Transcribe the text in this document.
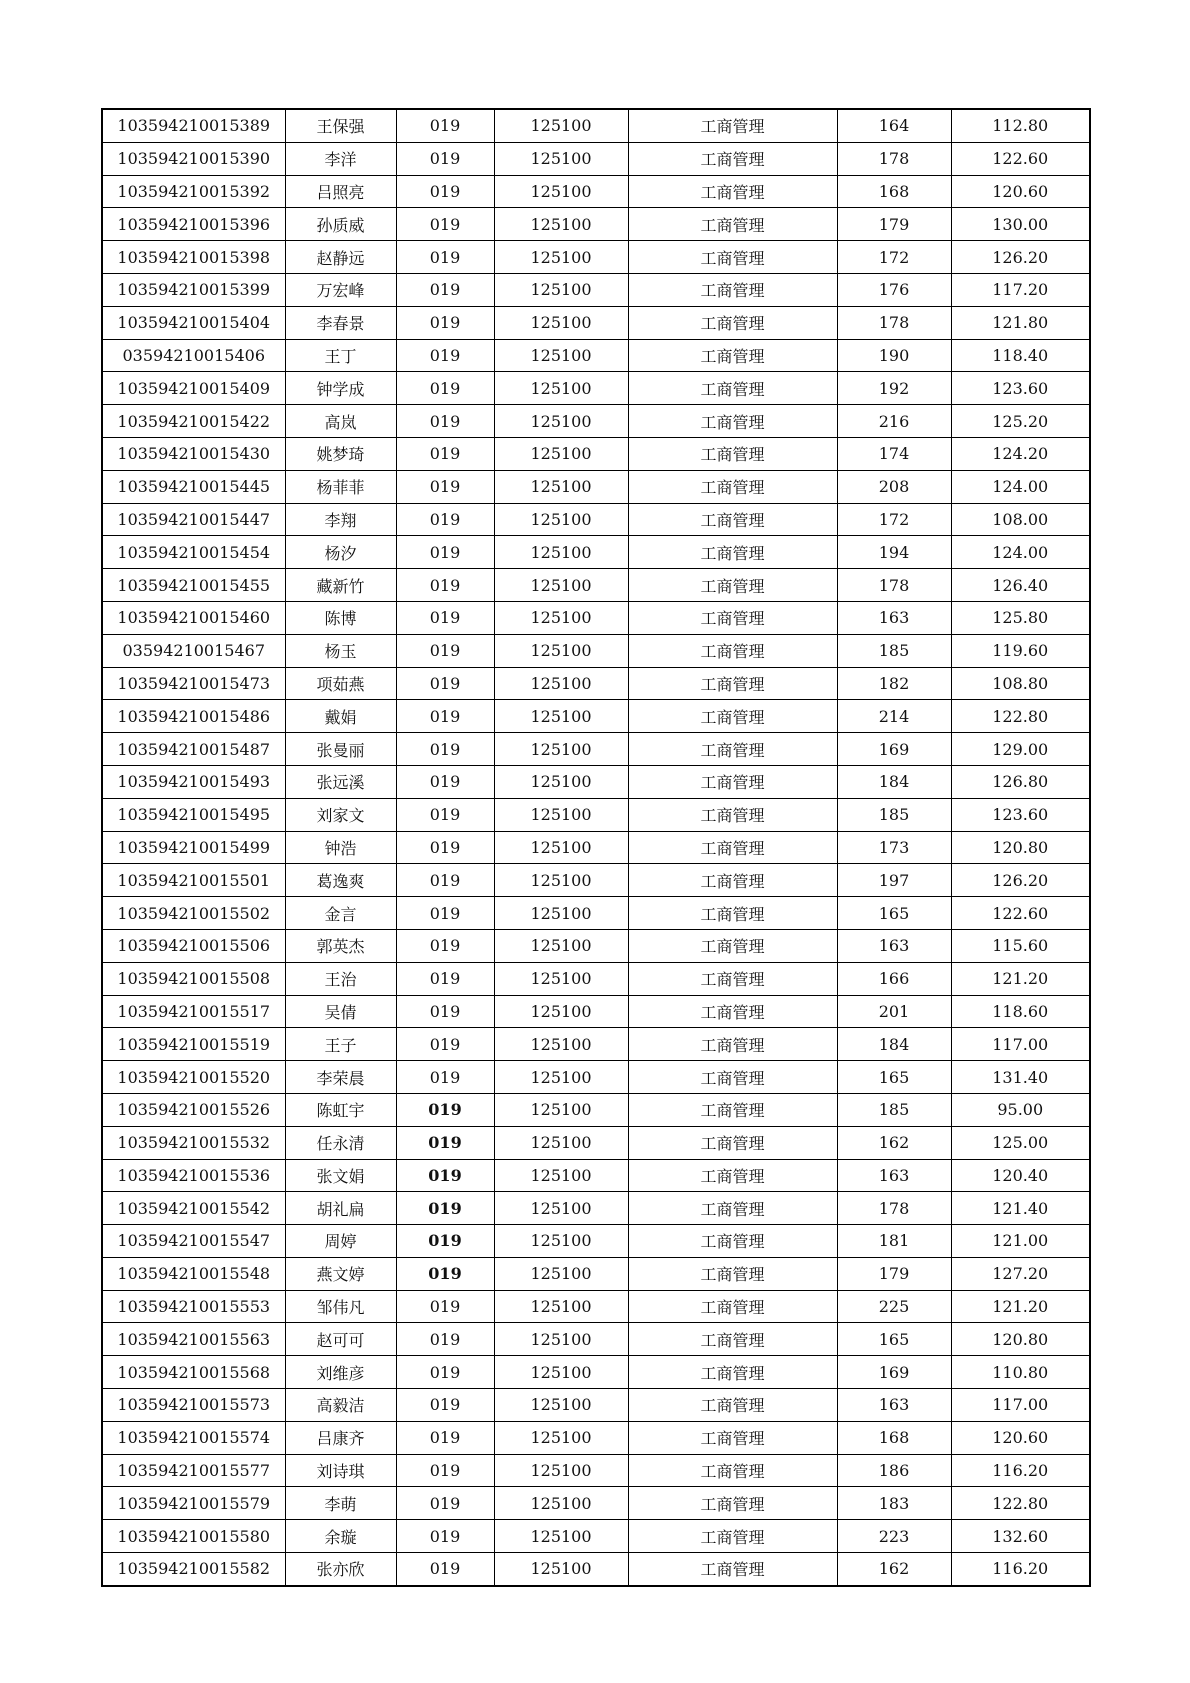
103594210015389	王保强	019	125100	工商管理	164	112.80
103594210015390	李洋	019	125100	工商管理	178	122.60
103594210015392	吕照亮	019	125100	工商管理	168	120.60
103594210015396	孙质威	019	125100	工商管理	179	130.00
103594210015398	赵静远	019	125100	工商管理	172	126.20
103594210015399	万宏峰	019	125100	工商管理	176	117.20
103594210015404	李春景	019	125100	工商管理	178	121.80
03594210015406	王丁	019	125100	工商管理	190	118.40
103594210015409	钟学成	019	125100	工商管理	192	123.60
103594210015422	高岚	019	125100	工商管理	216	125.20
103594210015430	姚梦琦	019	125100	工商管理	174	124.20
103594210015445	杨菲菲	019	125100	工商管理	208	124.00
103594210015447	李翔	019	125100	工商管理	172	108.00
103594210015454	杨汐	019	125100	工商管理	194	124.00
103594210015455	藏新竹	019	125100	工商管理	178	126.40
103594210015460	陈博	019	125100	工商管理	163	125.80
03594210015467	杨玉	019	125100	工商管理	185	119.60
103594210015473	项茹燕	019	125100	工商管理	182	108.80
103594210015486	戴娟	019	125100	工商管理	214	122.80
103594210015487	张曼丽	019	125100	工商管理	169	129.00
103594210015493	张远溪	019	125100	工商管理	184	126.80
103594210015495	刘家文	019	125100	工商管理	185	123.60
103594210015499	钟浩	019	125100	工商管理	173	120.80
103594210015501	葛逸爽	019	125100	工商管理	197	126.20
103594210015502	金言	019	125100	工商管理	165	122.60
103594210015506	郭英杰	019	125100	工商管理	163	115.60
103594210015508	王治	019	125100	工商管理	166	121.20
103594210015517	吴倩	019	125100	工商管理	201	118.60
103594210015519	王子	019	125100	工商管理	184	117.00
103594210015520	李荣晨	019	125100	工商管理	165	131.40
103594210015526	陈虹宇	019	125100	工商管理	185	95.00
103594210015532	任永清	019	125100	工商管理	162	125.00
103594210015536	张文娟	019	125100	工商管理	163	120.40
103594210015542	胡礼扁	019	125100	工商管理	178	121.40
103594210015547	周婷	019	125100	工商管理	181	121.00
103594210015548	燕文婷	019	125100	工商管理	179	127.20
103594210015553	邹伟凡	019	125100	工商管理	225	121.20
103594210015563	赵可可	019	125100	工商管理	165	120.80
103594210015568	刘维彦	019	125100	工商管理	169	110.80
103594210015573	高毅洁	019	125100	工商管理	163	117.00
103594210015574	吕康齐	019	125100	工商管理	168	120.60
103594210015577	刘诗琪	019	125100	工商管理	186	116.20
103594210015579	李萌	019	125100	工商管理	183	122.80
103594210015580	余璇	019	125100	工商管理	223	132.60
103594210015582	张亦欣	019	125100	工商管理	162	116.20
